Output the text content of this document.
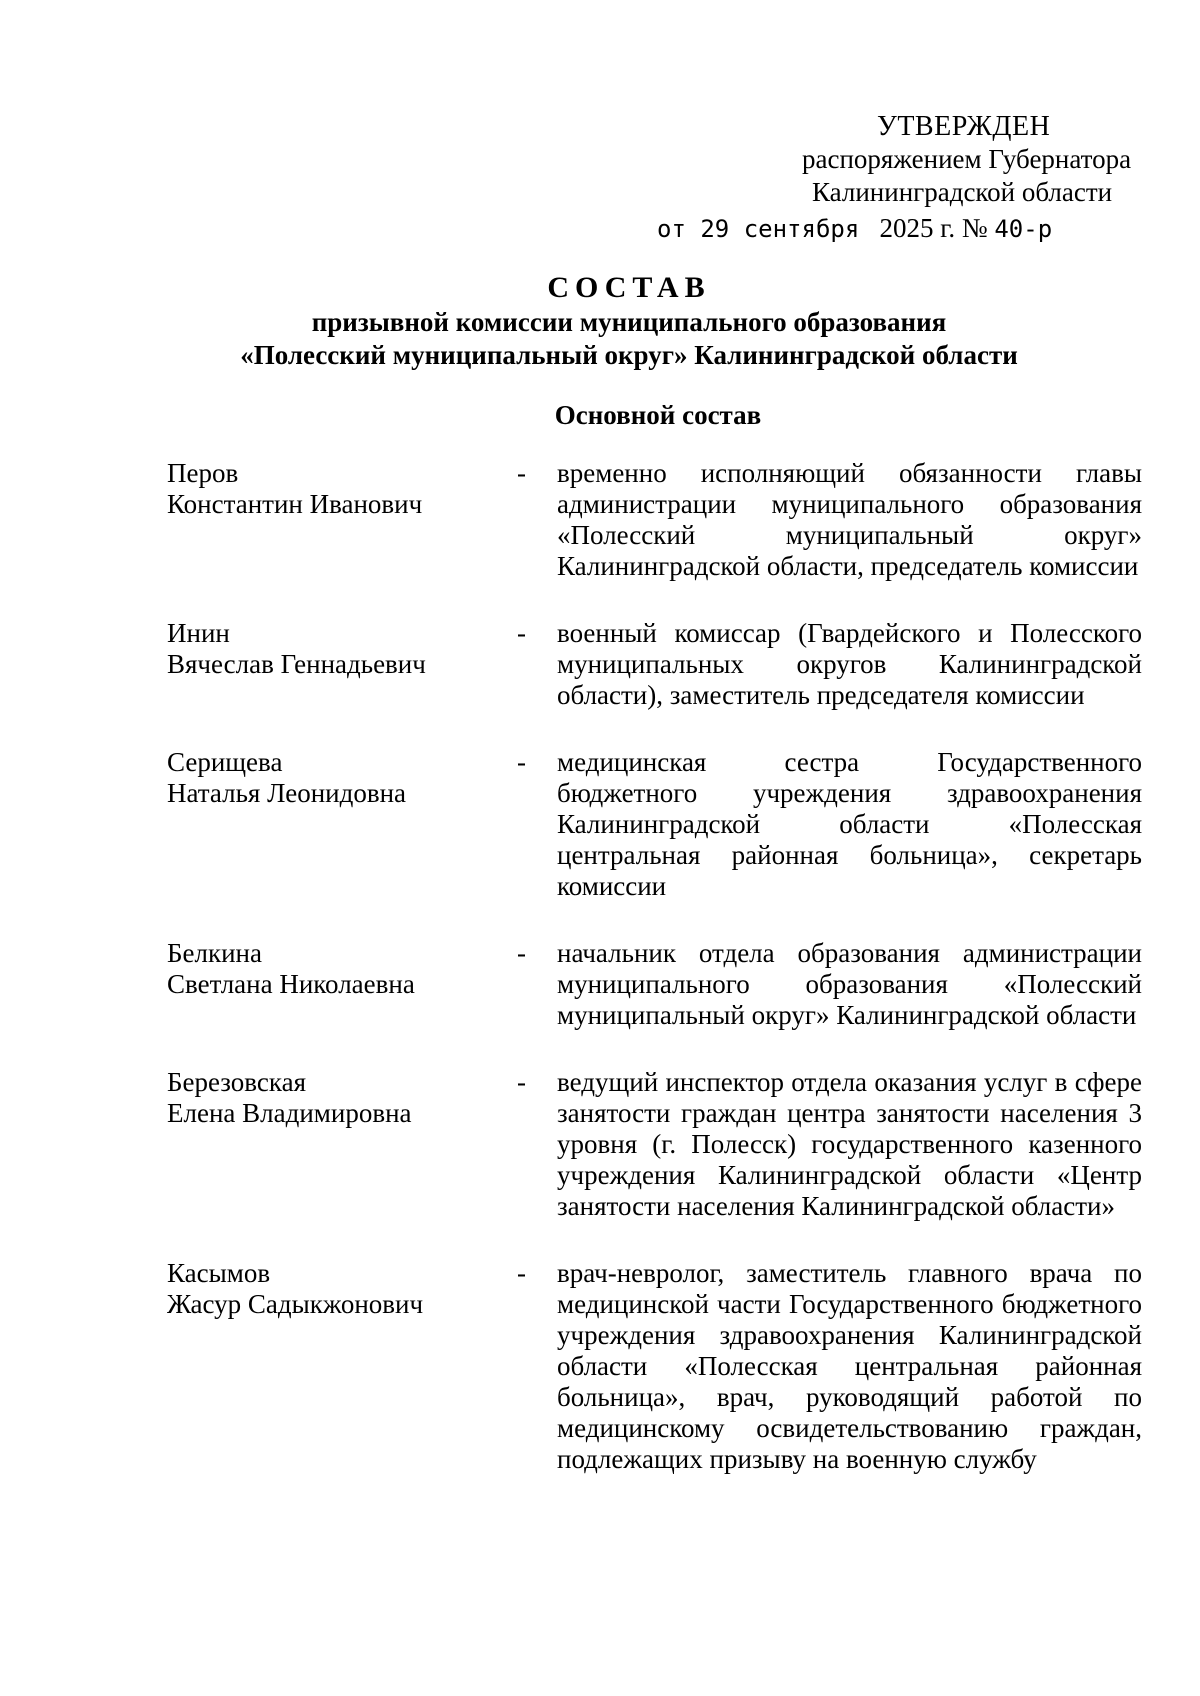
УТВЕРЖДЕН
распоряжением Губернатора
Калининградской области
от 29 сентября 2025 г. № 40-р
СОСТАВ
призывной комиссии муниципального образования
«Полесский муниципальный округ» Калининградской области
Основной состав
Перов
Константин Иванович
-	временно исполняющий обязанности главы администрации муниципального образования «Полесский муниципальный округ» Калининградской области, председатель комиссии
Инин
Вячеслав Геннадьевич
-	военный комиссар (Гвардейского и Полесского муниципальных округов Калининградской области), заместитель председателя комиссии
Серищева
Наталья Леонидовна
-	медицинская сестра Государственного бюджетного учреждения здравоохранения Калининградской области «Полесская центральная районная больница», секретарь комиссии
Белкина
Светлана Николаевна
-	начальник отдела образования администрации муниципального образования «Полесский муниципальный округ» Калининградской области
Березовская
Елена Владимировна
-	ведущий инспектор отдела оказания услуг в сфере занятости граждан центра занятости населения 3 уровня (г. Полесск) государственного казенного учреждения Калининградской области «Центр занятости населения Калининградской области»
Касымов
Жасур Садыкжонович
-	врач-невролог, заместитель главного врача по медицинской части Государственного бюджетного учреждения здравоохранения Калининградской области «Полесская центральная районная больница», врач, руководящий работой по медицинскому освидетельствованию граждан, подлежащих призыву на военную службу
